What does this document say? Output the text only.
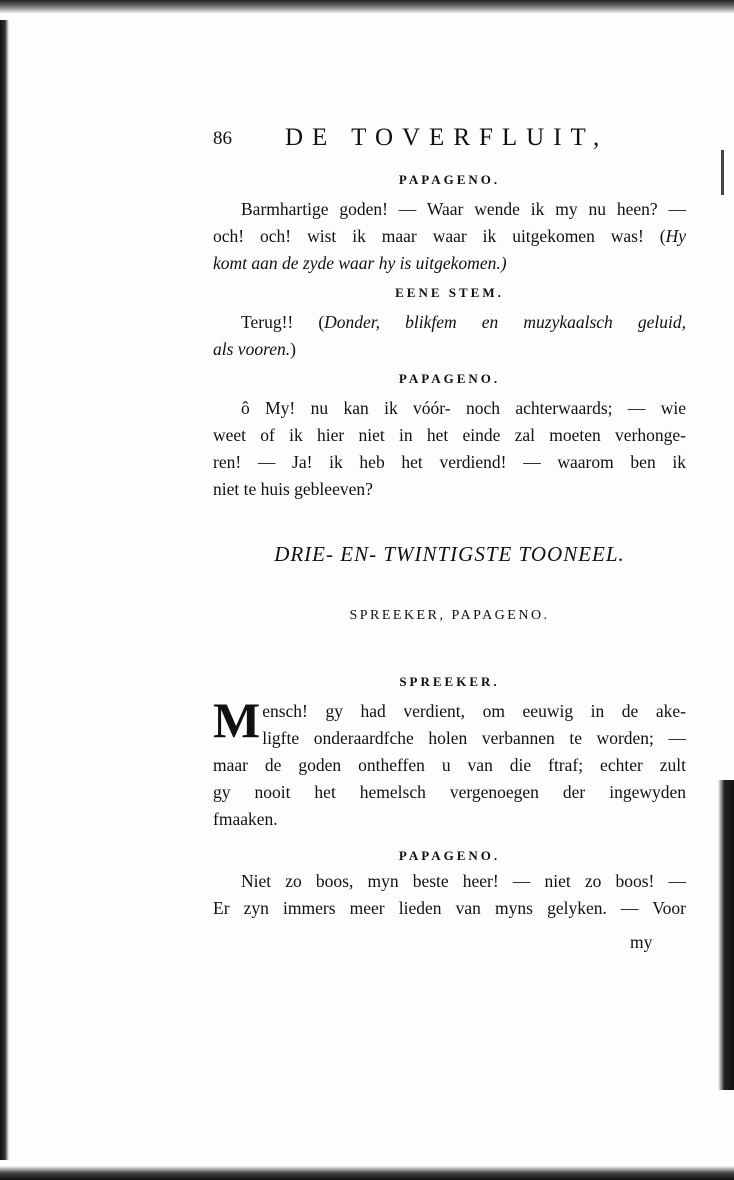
86 DE TOVERFLUIT,
PAPAGENO.
Barmhartige goden! — Waar wende ik my nu heen? —
och! och! wist ik maar waar ik uitgekomen was! (Hy
komt aan de zyde waar hy is uitgekomen.)
EENE STEM.
Terug!! (Donder, blikfem en muzykaalsch geluid,
als vooren.)
PAPAGENO.
ô My! nu kan ik vóór- noch achterwaards; — wie
weet of ik hier niet in het einde zal moeten verhonge-
ren! — Ja! ik heb het verdiend! — waarom ben ik
niet te huis gebleeven?
DRIE- EN- TWINTIGSTE TOONEEL.
SPREEKER, PAPAGENO.
SPREEKER.
M ensch! gy had verdient, om eeuwig in de ake-
ligfte onderaardfche holen verbannen te worden; —
maar de goden ontheffen u van die ftraf; echter zult
gy nooit het hemelsch vergenoegen der ingewyden
fmaaken.
PAPAGENO.
Niet zo boos, myn beste heer! — niet zo boos! —
Er zyn immers meer lieden van myns gelyken. — Voor
my
